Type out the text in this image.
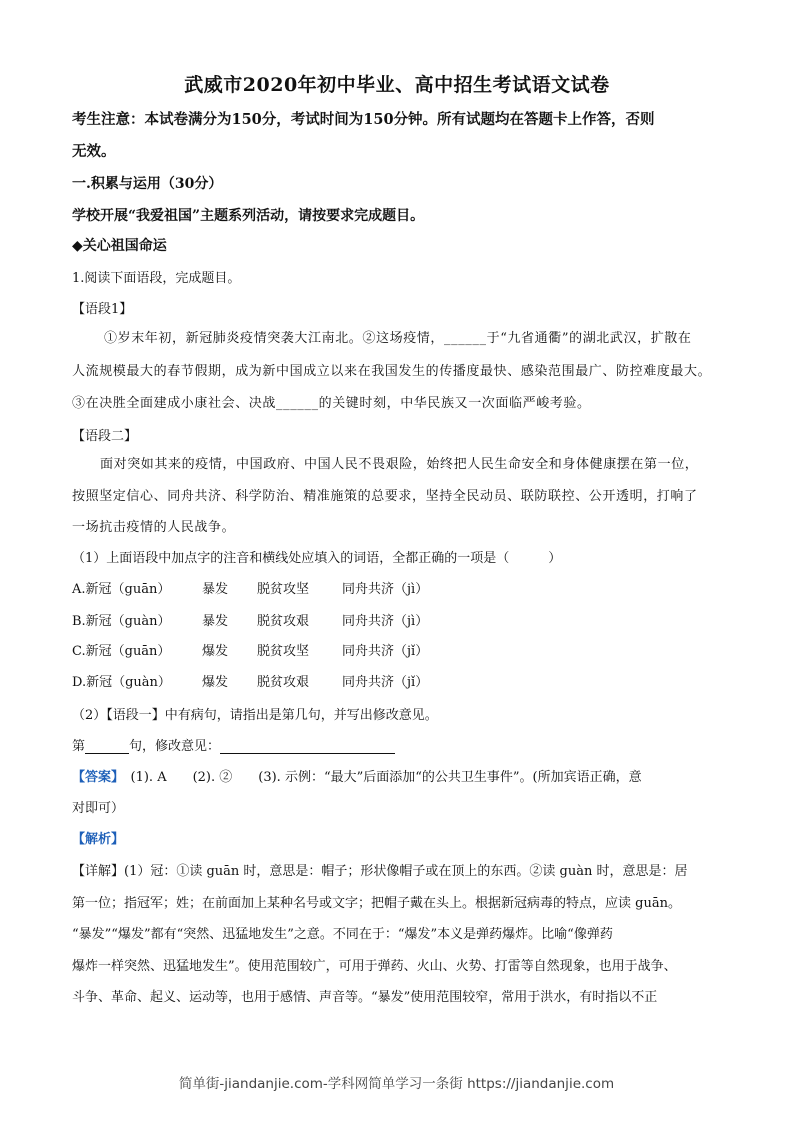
武威市2020年初中毕业、高中招生考试语文试卷
考生注意：本试卷满分为150分，考试时间为150分钟。所有试题均在答题卡上作答，否则
无效。
一.积累与运用（30分）
学校开展“我爱祖国”主题系列活动，请按要求完成题目。
◆关心祖国命运
1.阅读下面语段，完成题目。
【语段1】
①岁末年初，新冠肺炎疫情突袭大江南北。②这场疫情，______于“九省通衢”的湖北武汉，扩散在
人流规模最大的春节假期，成为新中国成立以来在我国发生的传播度最快、感染范围最广、防控难度最大。
③在决胜全面建成小康社会、决战______的关键时刻，中华民族又一次面临严峻考验。
【语段二】
面对突如其来的疫情，中国政府、中国人民不畏艰险，始终把人民生命安全和身体健康摆在第一位，
按照坚定信心、同舟共济、科学防治、精准施策的总要求，坚持全民动员、联防联控、公开透明，打响了
一场抗击疫情的人民战争。
（1）上面语段中加点字的注音和横线处应填入的词语，全都正确的一项是（　　　）
A.新冠（guān） 暴发 脱贫攻坚	同舟共济（jì）
B.新冠（guàn） 暴发 脱贫攻艰	同舟共济（jì）
C.新冠（guān） 爆发 脱贫攻坚	同舟共济（jǐ）
D.新冠（guàn） 爆发 脱贫攻艰	同舟共济（jǐ）
（2）【语段一】中有病句，请指出是第几句，并写出修改意见。
第	句，修改意见：
【答案】　(1). A　　(2). ②　　(3). 示例：“最大”后面添加“的公共卫生事件”。(所加宾语正确，意
对即可）
【解析】
【详解】(1）冠：①读 guān 时，意思是：帽子；形状像帽子或在顶上的东西。②读 guàn 时，意思是：居
第一位；指冠军；姓；在前面加上某种名号或文字；把帽子戴在头上。根据新冠病毒的特点，应读 guān。
“暴发”“爆发”都有“突然、迅猛地发生”之意。不同在于：“爆发”本义是弹药爆炸。比喻“像弹药
爆炸一样突然、迅猛地发生”。使用范围较广，可用于弹药、火山、火势、打雷等自然现象，也用于战争、
斗争、革命、起义、运动等，也用于感情、声音等。“暴发”使用范围较窄，常用于洪水，有时指以不正
简单街-jiandanjie.com-学科网简单学习一条街 https://jiandanjie.com
